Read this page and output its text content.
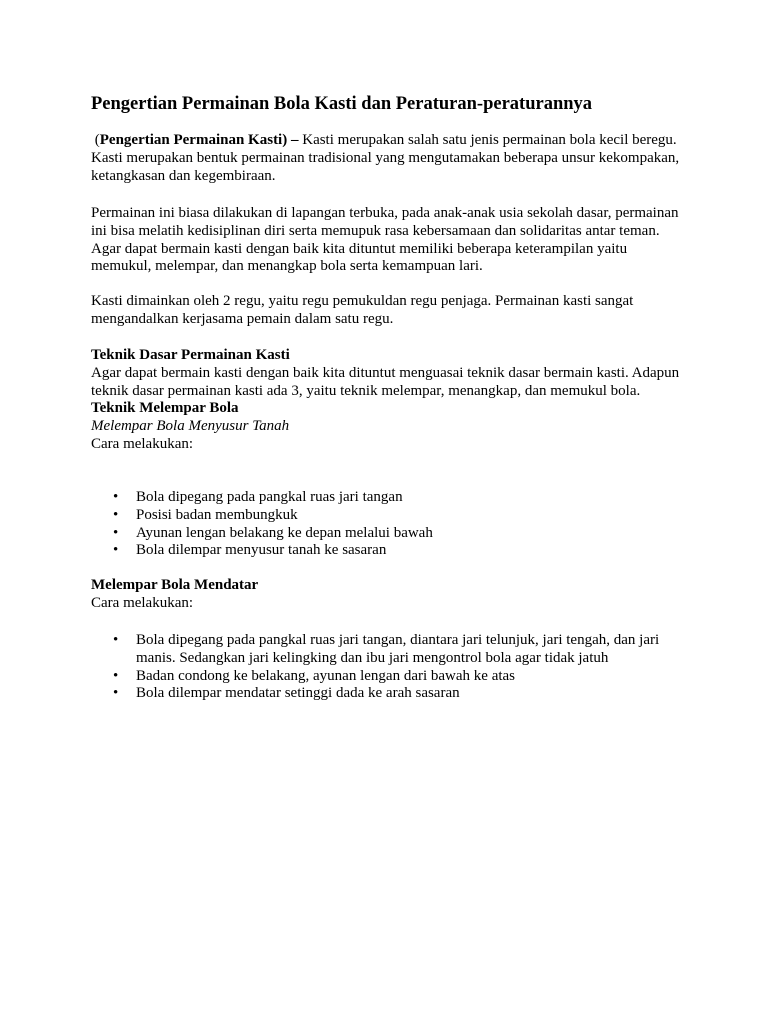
Pengertian Permainan Bola Kasti dan Peraturan-peraturannya

(Pengertian Permainan Kasti) – Kasti merupakan salah satu jenis permainan bola kecil beregu. Kasti merupakan bentuk permainan tradisional yang mengutamakan beberapa unsur kekompakan, ketangkasan dan kegembiraan.

Permainan ini biasa dilakukan di lapangan terbuka, pada anak-anak usia sekolah dasar, permainan ini bisa melatih kedisiplinan diri serta memupuk rasa kebersamaan dan solidaritas antar teman. Agar dapat bermain kasti dengan baik kita dituntut memiliki beberapa keterampilan yaitu memukul, melempar, dan menangkap bola serta kemampuan lari.

Kasti dimainkan oleh 2 regu, yaitu regu pemukuldan regu penjaga. Permainan kasti sangat mengandalkan kerjasama pemain dalam satu regu.

Teknik Dasar Permainan Kasti
Agar dapat bermain kasti dengan baik kita dituntut menguasai teknik dasar bermain kasti. Adapun teknik dasar permainan kasti ada 3, yaitu teknik melempar, menangkap, dan memukul bola.
Teknik Melempar Bola
Melempar Bola Menyusur Tanah
Cara melakukan:
• Bola dipegang pada pangkal ruas jari tangan
• Posisi badan membungkuk
• Ayunan lengan belakang ke depan melalui bawah
• Bola dilempar menyusur tanah ke sasaran
Melempar Bola Mendatar
Cara melakukan:
• Bola dipegang pada pangkal ruas jari tangan, diantara jari telunjuk, jari tengah, dan jari manis. Sedangkan jari kelingking dan ibu jari mengontrol bola agar tidak jatuh
• Badan condong ke belakang, ayunan lengan dari bawah ke atas
• Bola dilempar mendatar setinggi dada ke arah sasaran
